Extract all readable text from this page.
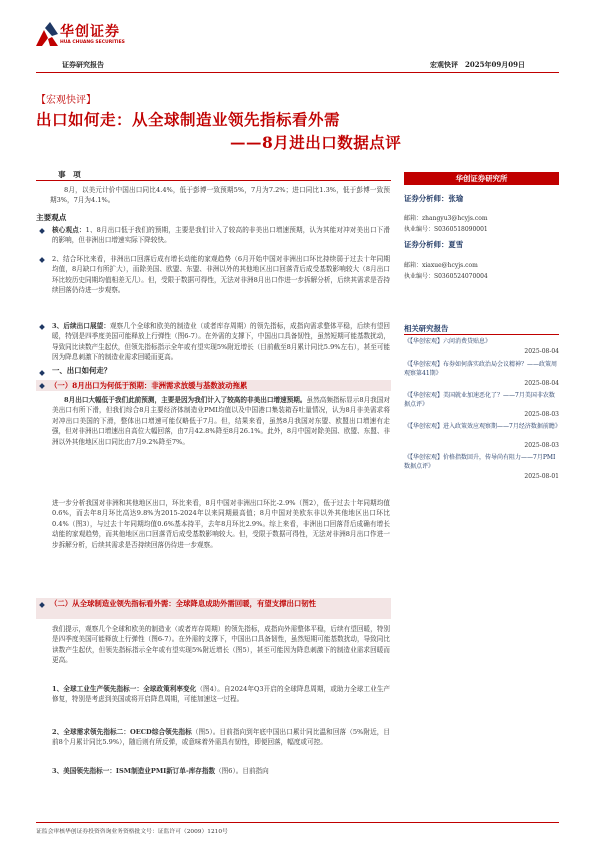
华创证券
HUA CHUANG SECURITIES
证券研究报告	宏观快评　2025年09月09日
【宏观快评】
出口如何走：从全球制造业领先指标看外需
——8月进出口数据点评
事　项
8月，以美元计价中国出口同比4.4%，低于彭博一致预期5%，7月为7.2%；进口同比1.3%，低于彭博一致预期3%，7月为4.1%。
主要观点
核心观点：1、8月出口低于我们的预期，主要是我们计入了较高的非美出口增速预期，认为其能对冲对美出口下滑的影响，但非洲出口增速实际下降较快。
2、结合环比来看，非洲出口回落后成有增长动能的家观趋势（6月开始中国对非洲出口环比持续弱于过去十年同期均值，8月缺口有所扩大），而除美国、欧盟、东盟、非洲以外的其他地区出口回落背后成受基数影响较大（8月出口环比较历史同期均值相差无几）。但，受限于数据可得性，无法对非洲8月出口作进一步拆解分析，后续其需求是否持续回落仍待进一步观察。
3、后续出口展望：观察几个全球和欧美的制造业（或者库存周期）的领先指标，成指向需求整体平稳，后续有望回暖，特别是四季度美国可能释放上行弹性（图6-7）。在外需的支撑下，中国出口具备韧性，虽然短期可能基数扰动，导致同比读数产生起伏，但领先指标指示全年或有望实现5%附近增长（目前截至8月累计同比5.9%左右），甚至可能因为降息刺激下的制造业需求回暖而更高。
一、出口如何走？
（一）8月出口为何低于预期：非洲需求放缓与基数波动拖累
8月出口大幅低于我们此前预测，主要是因为我们计入了较高的非美出口增速预期。虽然高频指标显示8月我国对美出口有所下滑，但我们综合8月主要经济体制造业PMI均值以及中国港口集装箱吞吐量情况，认为8月非美需求将对冲出口美国的下滑，整体出口增速可能仅略低于7月。但，结果来看，虽然8月我国对东盟、欧盟出口增速有走强，但对非洲出口增速出自高位大幅回落，由7月42.8%降至8月26.1%。此外，8月中国对除美国、欧盟、东盟、非洲以外其他地区出口同比由7月9.2%降至7%。
进一步分析我国对非洲和其他地区出口，环比来看，8月中国对非洲出口环比-2.9%（图2），低于过去十年同期均值0.6%，而去年8月环比高达9.8%为2015-2024年以来同期最高值；8月中国对美欧东非以外其他地区出口环比0.4%（图3），与过去十年同期均值0.6%基本持平，去年8月环比2.9%。综上来看，非洲出口回落背后成确有增长动能的家观趋势，而其他地区出口回落背后成受基数影响较大。但，受限于数据可得性，无法对非洲8月出口作进一步拆解分析，后续其需求是否持续回落仍待进一步观察。
（二）从全球制造业领先指标看外需：全球降息成助外需回暖，有望支撑出口韧性
我们提示，观察几个全球和欧美的制造业（或者库存周期）的领先指标，成指向外需整体平稳，后续有望回暖，特别是四季度美国可能释放上行弹性（图6-7）。在外需的支撑下，中国出口具备韧性，虽然短期可能基数扰动，导致同比读数产生起伏，但领先指标指示全年或有望实现5%附近增长（图5），甚至可能因为降息刺激下的制造业需求回暖而更高。
1、全球工业生产领先指标一：全球政策利率变化（图4）。自2024年Q3开启的全球降息周期，或助力全球工业生产修复，特别是考虑到美国或将开启降息周期，可能加速这一过程。
2、全球需求领先指标二：OECD综合领先指标（图5）。目前指向到年底中国出口累计同比温和回落（5%附近，目前8个月累计同比5.9%），随后则有所反弹，或意味着外需具有韧性，即便回落，幅度或可控。
3、美国领先指标一：ISM制造业PMI新订单-库存指数（图6）。目前指向
华创证券研究所
证券分析师：张瑜
邮箱：zhangyu3@hcyjs.com
执业编号：S0360518090001
证券分析师：夏雪
邮箱：xiaxue@hcyjs.com
执业编号：S0360524070004
相关研究报告
《【华创宏观】六问消费贷贴息》
2025-08-04
《【华创宏观】布券如何落实政治局会议精神？——政策周观察第41期》
2025-08-04
《【华创宏观】美国就业加速恶化了？——7月美国非农数据点评》
2025-08-03
《【华创宏观】进入政策效应观察期——7月经济数据前瞻》
2025-08-03
《【华创宏观】价格指数回升，传导尚有阻力——7月PMI数据点评》
2025-08-01
证监会审核华创证券投资咨询业务资格批文号：证监许可（2009）1210号
